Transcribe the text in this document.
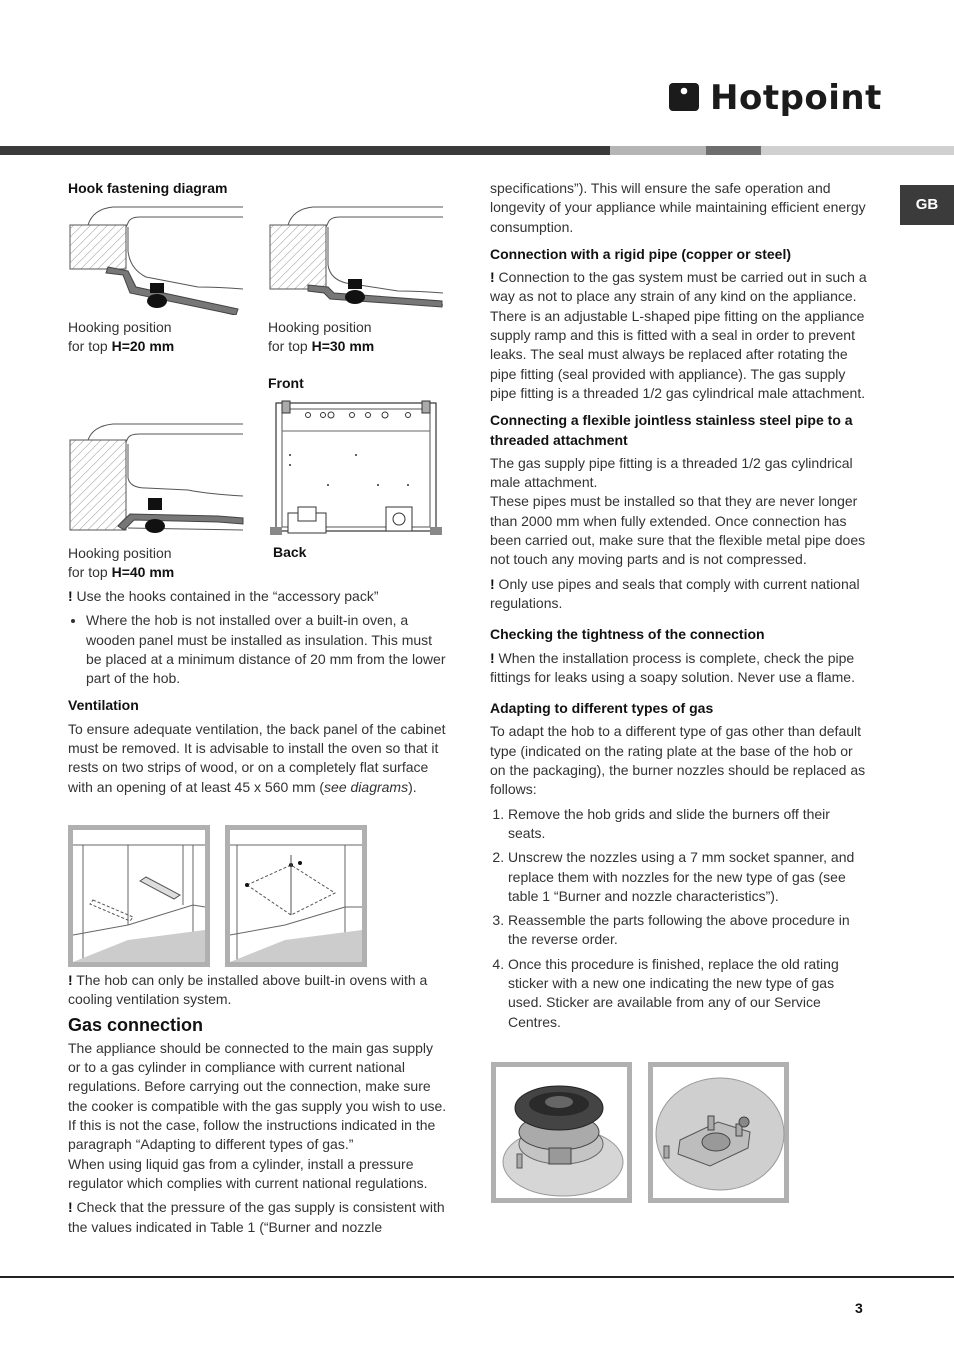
Hotpoint
GB
Hook fastening diagram
Hooking position
for top H=20 mm
Hooking position
for top H=30 mm
Front
Hooking position
for top H=40 mm
Back

! Use the hooks contained in the “accessory pack”

• Where the hob is not installed over a built-in oven, a wooden panel must be installed as insulation. This must be placed at a minimum distance of 20 mm from the lower part of the hob.
Ventilation

To ensure adequate ventilation, the back panel of the cabinet must be removed. It is advisable to install the oven so that it rests on two strips of wood, or on a completely flat surface with an opening of at least 45 x 560 mm (see diagrams).

! The hob can only be installed above built-in ovens with a cooling ventilation system.

Gas connection

The appliance should be connected to the main gas supply or to a gas cylinder in compliance with current national regulations. Before carrying out the connection, make sure the cooker is compatible with the gas supply you wish to use. If this is not the case, follow the instructions indicated in the paragraph “Adapting to different types of gas.”

When using liquid gas from a cylinder, install a pressure regulator which complies with current national regulations.

! Check that the pressure of the gas supply is consistent with the values indicated in Table 1 (“Burner and nozzle

specifications”). This will ensure the safe operation and longevity of your appliance while maintaining efficient energy consumption.

Connection with a rigid pipe (copper or steel)

! Connection to the gas system must be carried out in such a way as not to place any strain of any kind on the appliance.

There is an adjustable L-shaped pipe fitting on the appliance supply ramp and this is fitted with a seal in order to prevent leaks. The seal must always be replaced after rotating the pipe fitting (seal provided with appliance). The gas supply pipe fitting is a threaded 1/2 gas cylindrical male attachment.

Connecting a flexible jointless stainless steel pipe to a threaded attachment

The gas supply pipe fitting is a threaded 1/2 gas cylindrical male attachment.

These pipes must be installed so that they are never longer than 2000 mm when fully extended. Once connection has been carried out, make sure that the flexible metal pipe does not touch any moving parts and is not compressed.

! Only use pipes and seals that comply with current national regulations.

Checking the tightness of the connection

! When the installation process is complete, check the pipe fittings for leaks using a soapy solution. Never use a flame.

Adapting to different types of gas

To adapt the hob to a different type of gas other than default type (indicated on the rating plate at the base of the hob or on the packaging), the burner nozzles should be replaced as follows:

1. Remove the hob grids and slide the burners off their seats.
2. Unscrew the nozzles using a 7 mm socket spanner, and replace them with nozzles for the new type of gas (see table 1 “Burner and nozzle characteristics”).
3. Reassemble the parts following the above procedure in the reverse order.
4. Once this procedure is finished, replace the old rating sticker with a new one indicating the new type of gas used. Sticker are available from any of our Service Centres.
3
